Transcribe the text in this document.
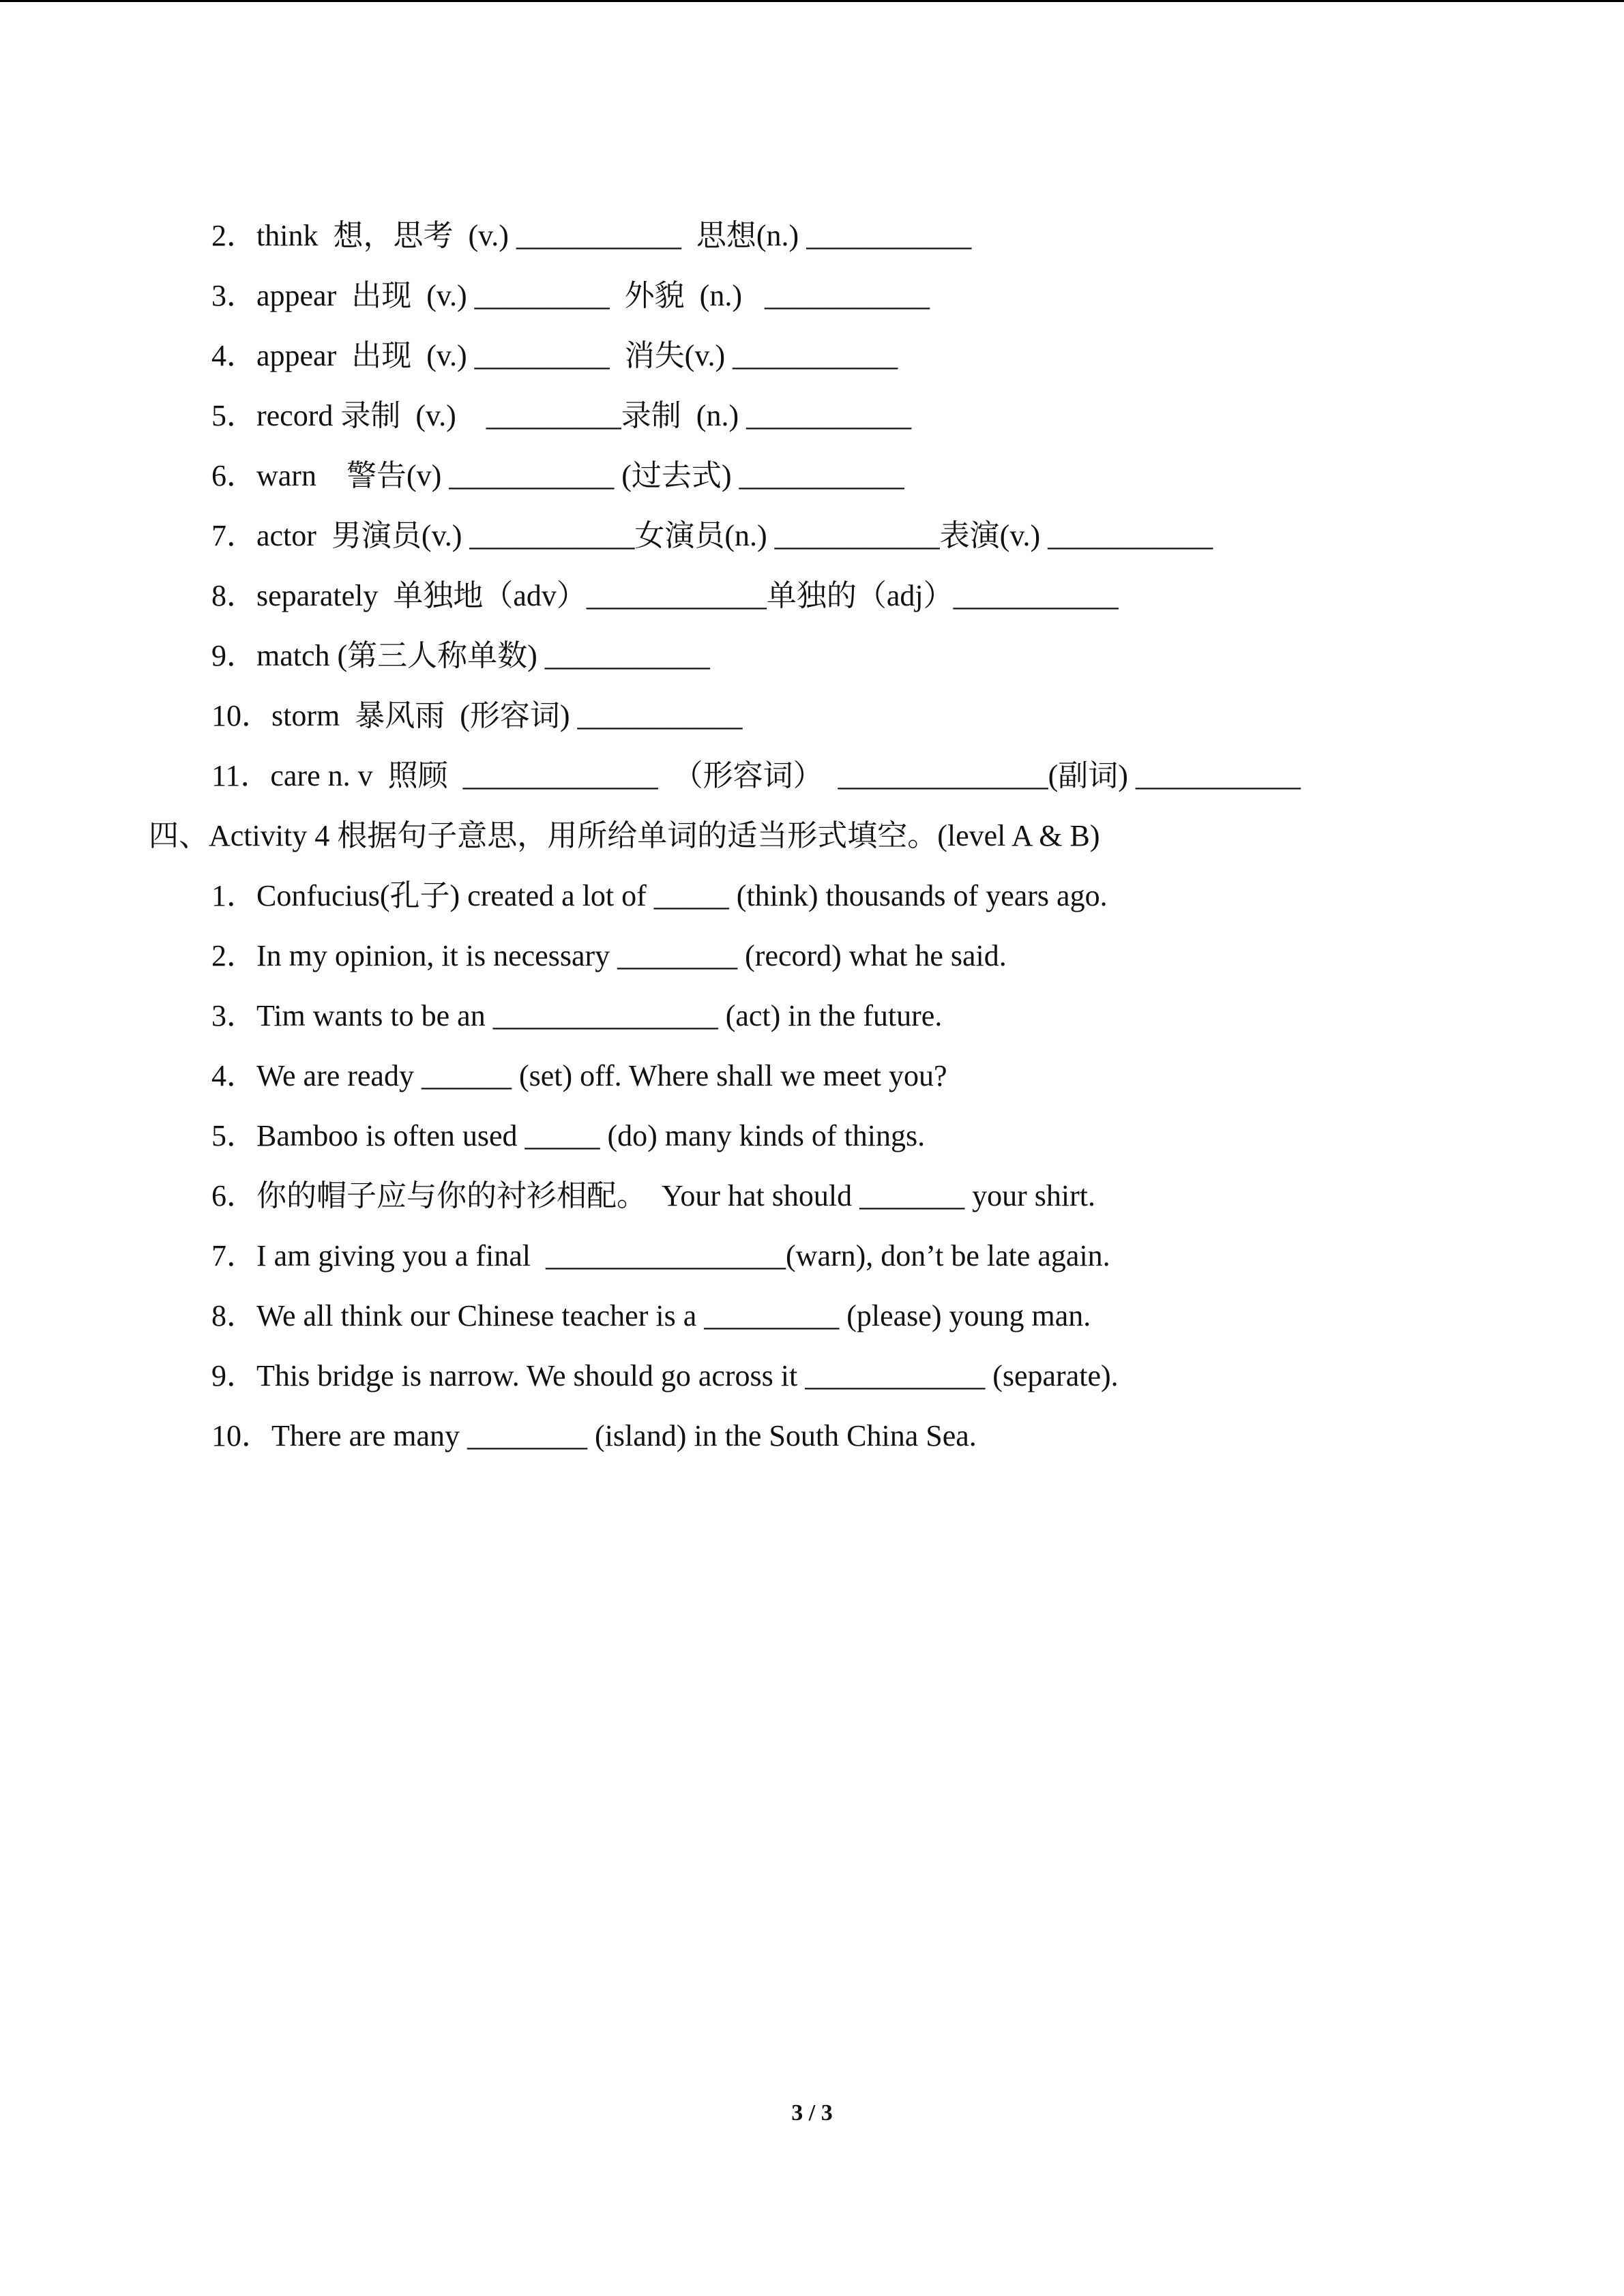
2．think  想，思考  (v.) ___________  思想(n.) ___________
3．appear  出现  (v.) _________  外貌  (n.)   ___________
4．appear  出现  (v.) _________  消失(v.) ___________
5．record 录制  (v.)    _________录制  (n.) ___________
6．warn    警告(v) ___________ (过去式) ___________
7．actor  男演员(v.) ___________女演员(n.) ___________表演(v.) ___________
8．separately  单独地（adv）____________单独的（adj）___________
9．match (第三人称单数) ___________
10．storm  暴风雨  (形容词) ___________
11．care n. v  照顾  _____________  （形容词）  ______________(副词) ___________
四、Activity 4 根据句子意思，用所给单词的适当形式填空。(level A & B)
1．Confucius(孔子) created a lot of _____ (think) thousands of years ago.
2．In my opinion, it is necessary ________ (record) what he said.
3．Tim wants to be an _______________ (act) in the future.
4．We are ready ______ (set) off. Where shall we meet you?
5．Bamboo is often used _____ (do) many kinds of things.
6．你的帽子应与你的衬衫相配。  Your hat should _______ your shirt.
7．I am giving you a final  ________________(warn), don’t be late again.
8．We all think our Chinese teacher is a _________ (please) young man.
9．This bridge is narrow. We should go across it ____________ (separate).
10．There are many ________ (island) in the South China Sea.
3 / 3
